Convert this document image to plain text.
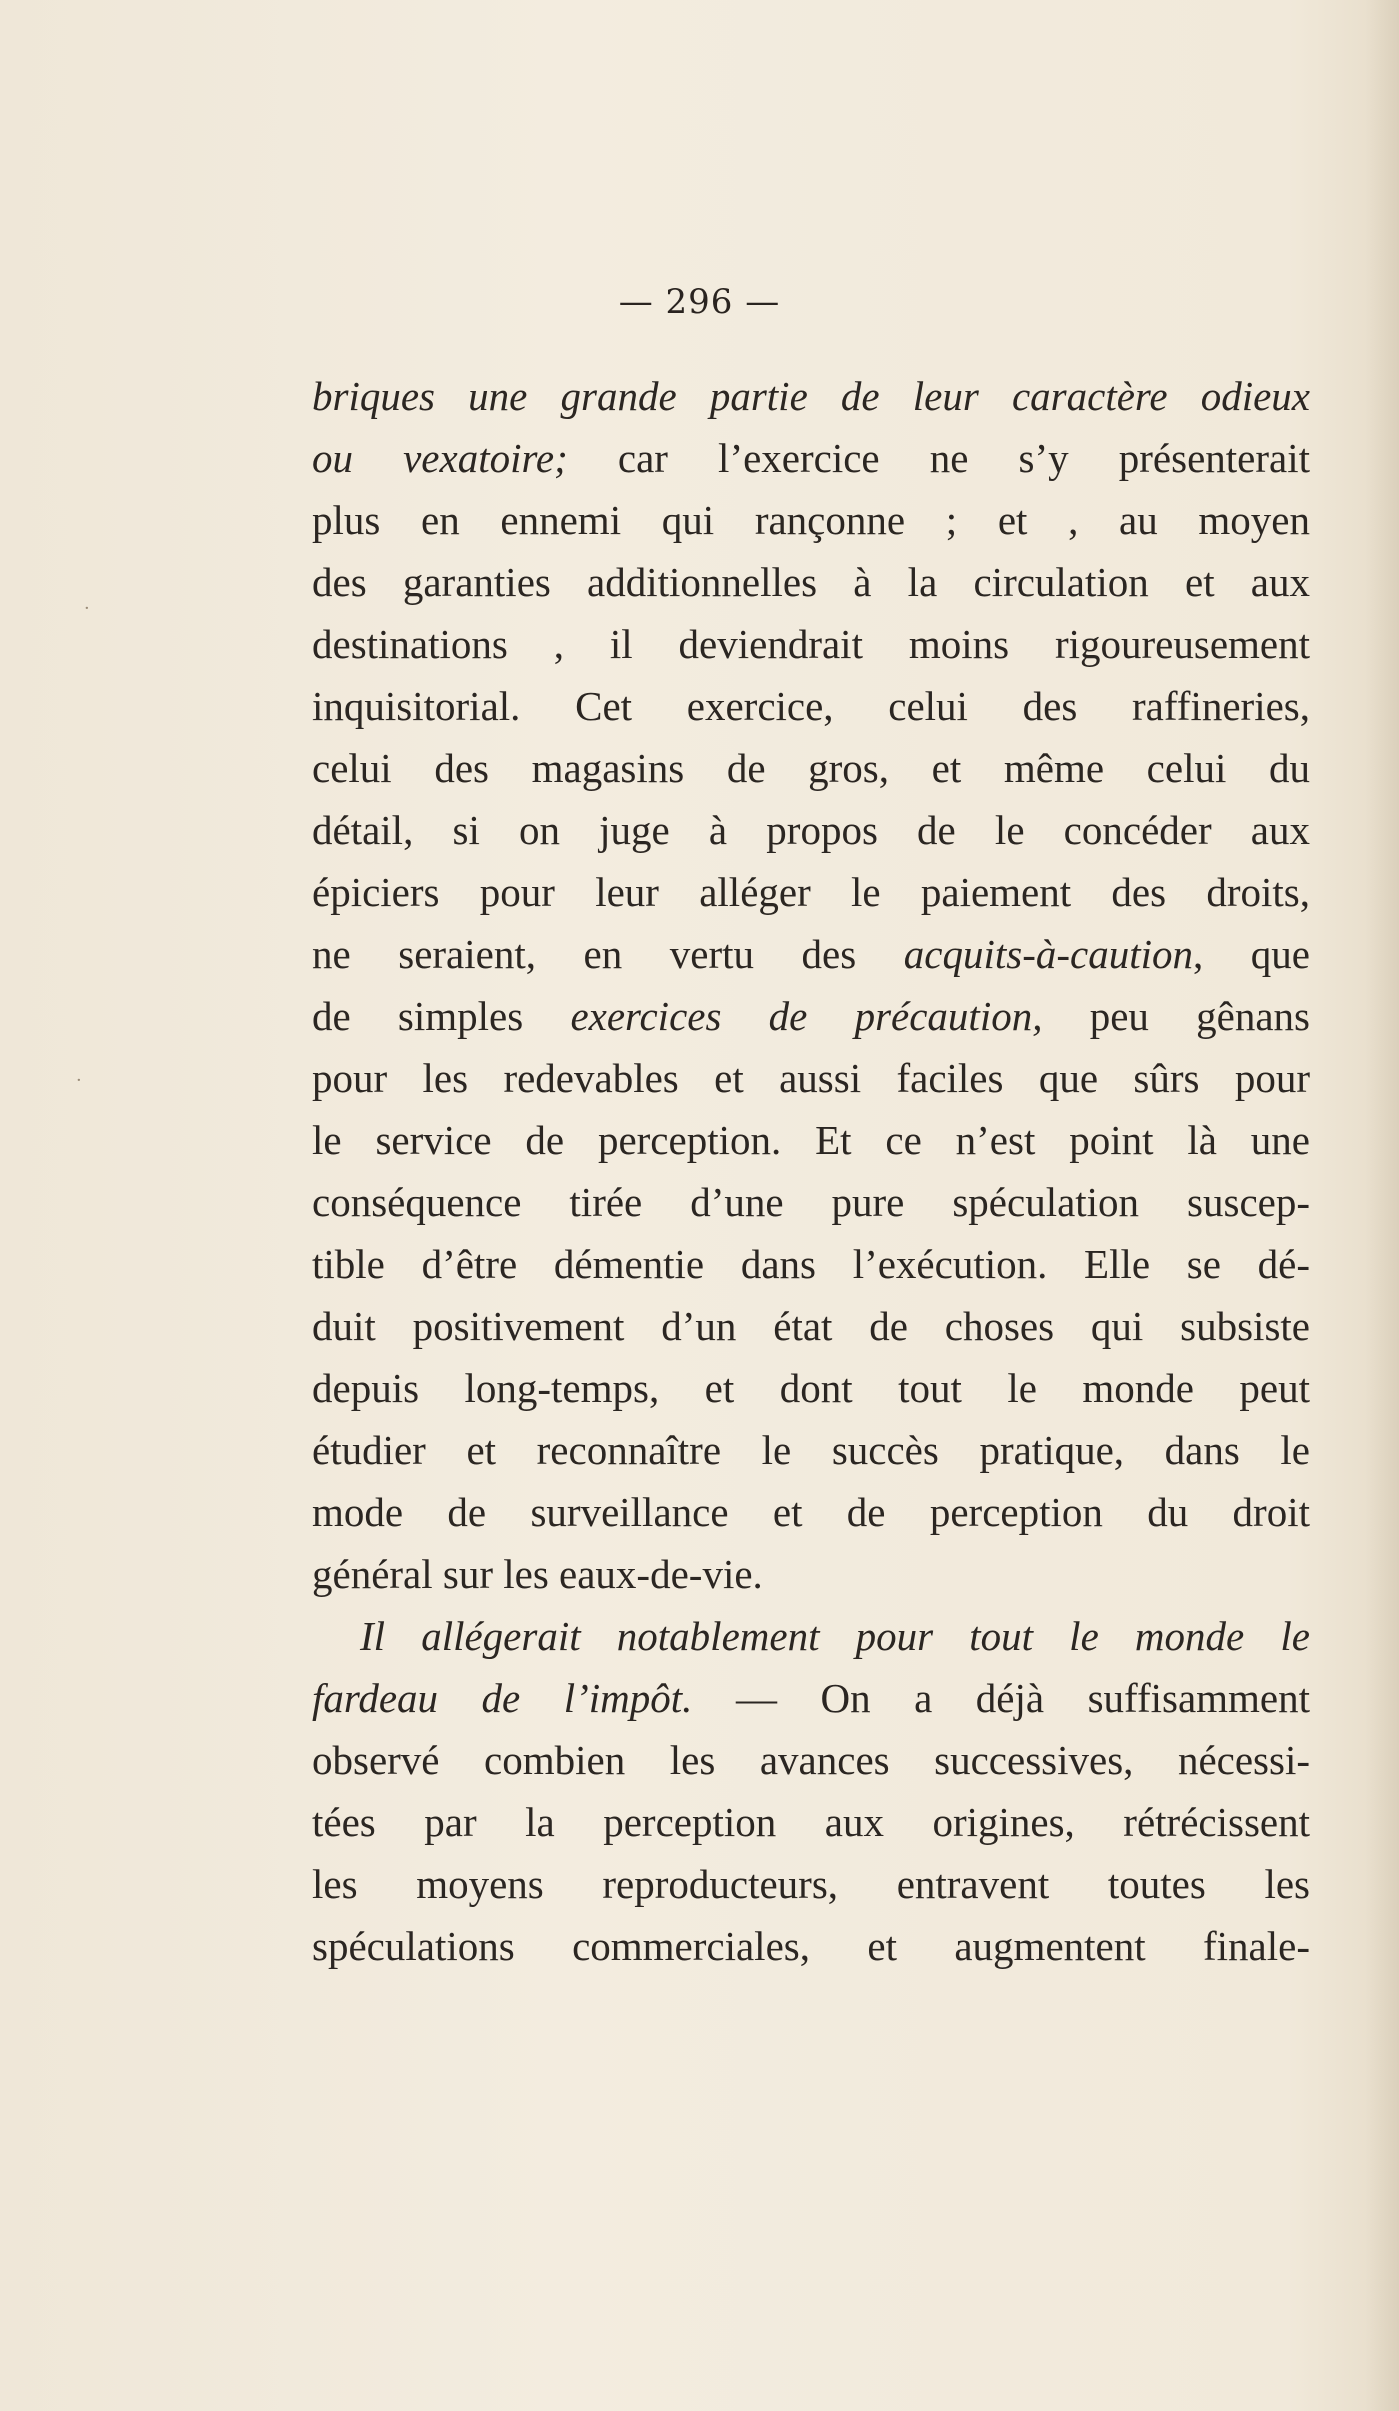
— 296 —
·
·
briques une grande partie de leur caractère odieux
ou vexatoire; car l’exercice ne s’y présenterait
plus en ennemi qui rançonne ; et , au moyen
des garanties additionnelles à la circulation et aux
destinations , il deviendrait moins rigoureusement
inquisitorial. Cet exercice, celui des raffineries,
celui des magasins de gros, et même celui du
détail, si on juge à propos de le concéder aux
épiciers pour leur alléger le paiement des droits,
ne seraient, en vertu des acquits-à-caution, que
de simples exercices de précaution, peu gênans
pour les redevables et aussi faciles que sûrs pour
le service de perception. Et ce n’est point là une
conséquence tirée d’une pure spéculation suscep-
tible d’être démentie dans l’exécution. Elle se dé-
duit positivement d’un état de choses qui subsiste
depuis long-temps, et dont tout le monde peut
étudier et reconnaître le succès pratique, dans le
mode de surveillance et de perception du droit
général sur les eaux-de-vie.
Il allégerait notablement pour tout le monde le
fardeau de l’impôt. — On a déjà suffisamment
observé combien les avances successives, nécessi-
tées par la perception aux origines, rétrécissent
les moyens reproducteurs, entravent toutes les
spéculations commerciales, et augmentent finale-
